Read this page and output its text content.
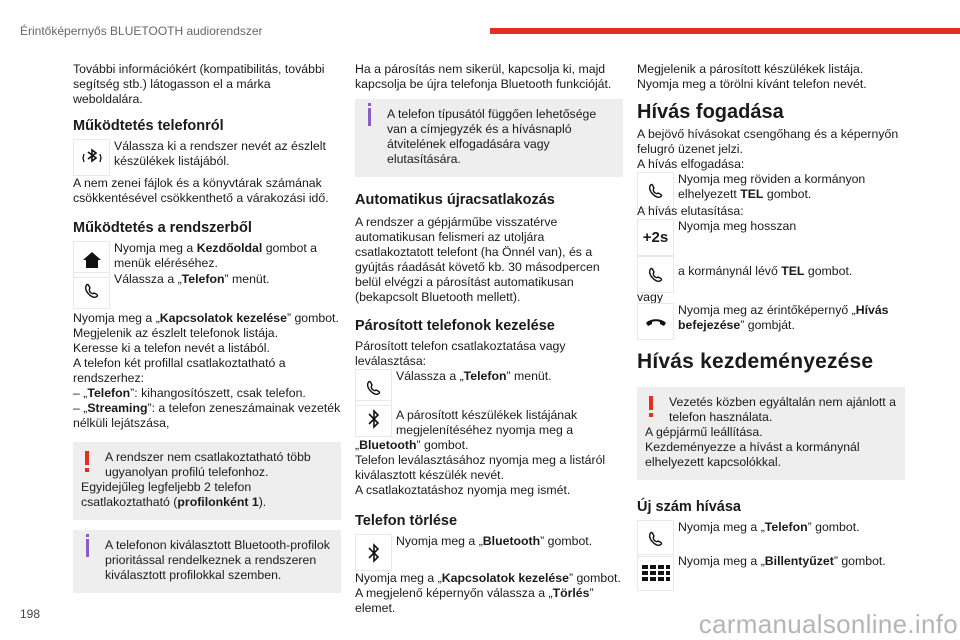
Érintőképernyős BLUETOOTH audiorendszer

További információkért (kompatibilitás, további segítség stb.) látogasson el a márka weboldalára.

Működtetés telefonról
Válassza ki a rendszer nevét az észlelt készülékek listájából.

A nem zenei fájlok és a könyvtárak számának csökkentésével csökkenthető a várakozási idő.

Működtetés a rendszerből
Nyomja meg a Kezdőoldal gombot a menük eléréséhez.
Válassza a „Telefon” menüt.

Nyomja meg a „Kapcsolatok kezelése” gombot.

Megjelenik az észlelt telefonok listája.

Keresse ki a telefon nevét a listából.

A telefon két profillal csatlakoztatható a rendszerhez:

– „Telefon”: kihangosítószett, csak telefon.

– „Streaming”: a telefon zeneszámainak vezeték nélküli lejátszása,

A rendszer nem csatlakoztatható több ugyanolyan profilú telefonhoz.

Egyidejűleg legfeljebb 2 telefon csatlakoztatható (profilonként 1).

A telefonon kiválasztott Bluetooth-profilok prioritással rendelkeznek a rendszeren kiválasztott profilokkal szemben.

Ha a párosítás nem sikerül, kapcsolja ki, majd kapcsolja be újra telefonja Bluetooth funkcióját.

A telefon típusától függően lehetősége van a címjegyzék és a hívásnapló átvitelének elfogadására vagy elutasítására.

Automatikus újracsatlakozás

A rendszer a gépjárműbe visszatérve automatikusan felismeri az utoljára csatlakoztatott telefont (ha Önnél van), és a gyújtás ráadását követő kb. 30 másodpercen belül elvégzi a párosítást automatikusan (bekapcsolt Bluetooth mellett).

Párosított telefonok kezelése

Párosított telefon csatlakoztatása vagy leválasztása:

Válassza a „Telefon” menüt.
A párosított készülékek listájának megjelenítéséhez nyomja meg a

„Bluetooth” gombot.

Telefon leválasztásához nyomja meg a listáról kiválasztott készülék nevét.

A csatlakoztatáshoz nyomja meg ismét.

Telefon törlése
Nyomja meg a „Bluetooth” gombot.

Nyomja meg a „Kapcsolatok kezelése” gombot.

A megjelenő képernyőn válassza a „Törlés” elemet.

Megjelenik a párosított készülékek listája. Nyomja meg a törölni kívánt telefon nevét.

Hívás fogadása

A bejövő hívásokat csengőhang és a képernyőn felugró üzenet jelzi.

A hívás elfogadása:

Nyomja meg röviden a kormányon elhelyezett TEL gombot.

A hívás elutasítása:

+2s
Nyomja meg hosszan
a kormánynál lévő TEL gombot.

vagy

Nyomja meg az érintőképernyő „Hívás befejezése” gombját.
Hívás kezdeményezése

Vezetés közben egyáltalán nem ajánlott a telefon használata.

A gépjármű leállítása.

Kezdeményezze a hívást a kormánynál elhelyezett kapcsolókkal.

Új szám hívása
Nyomja meg a „Telefon” gombot.
Nyomja meg a „Billentyűzet” gombot.
198	carmanualsonline.info
